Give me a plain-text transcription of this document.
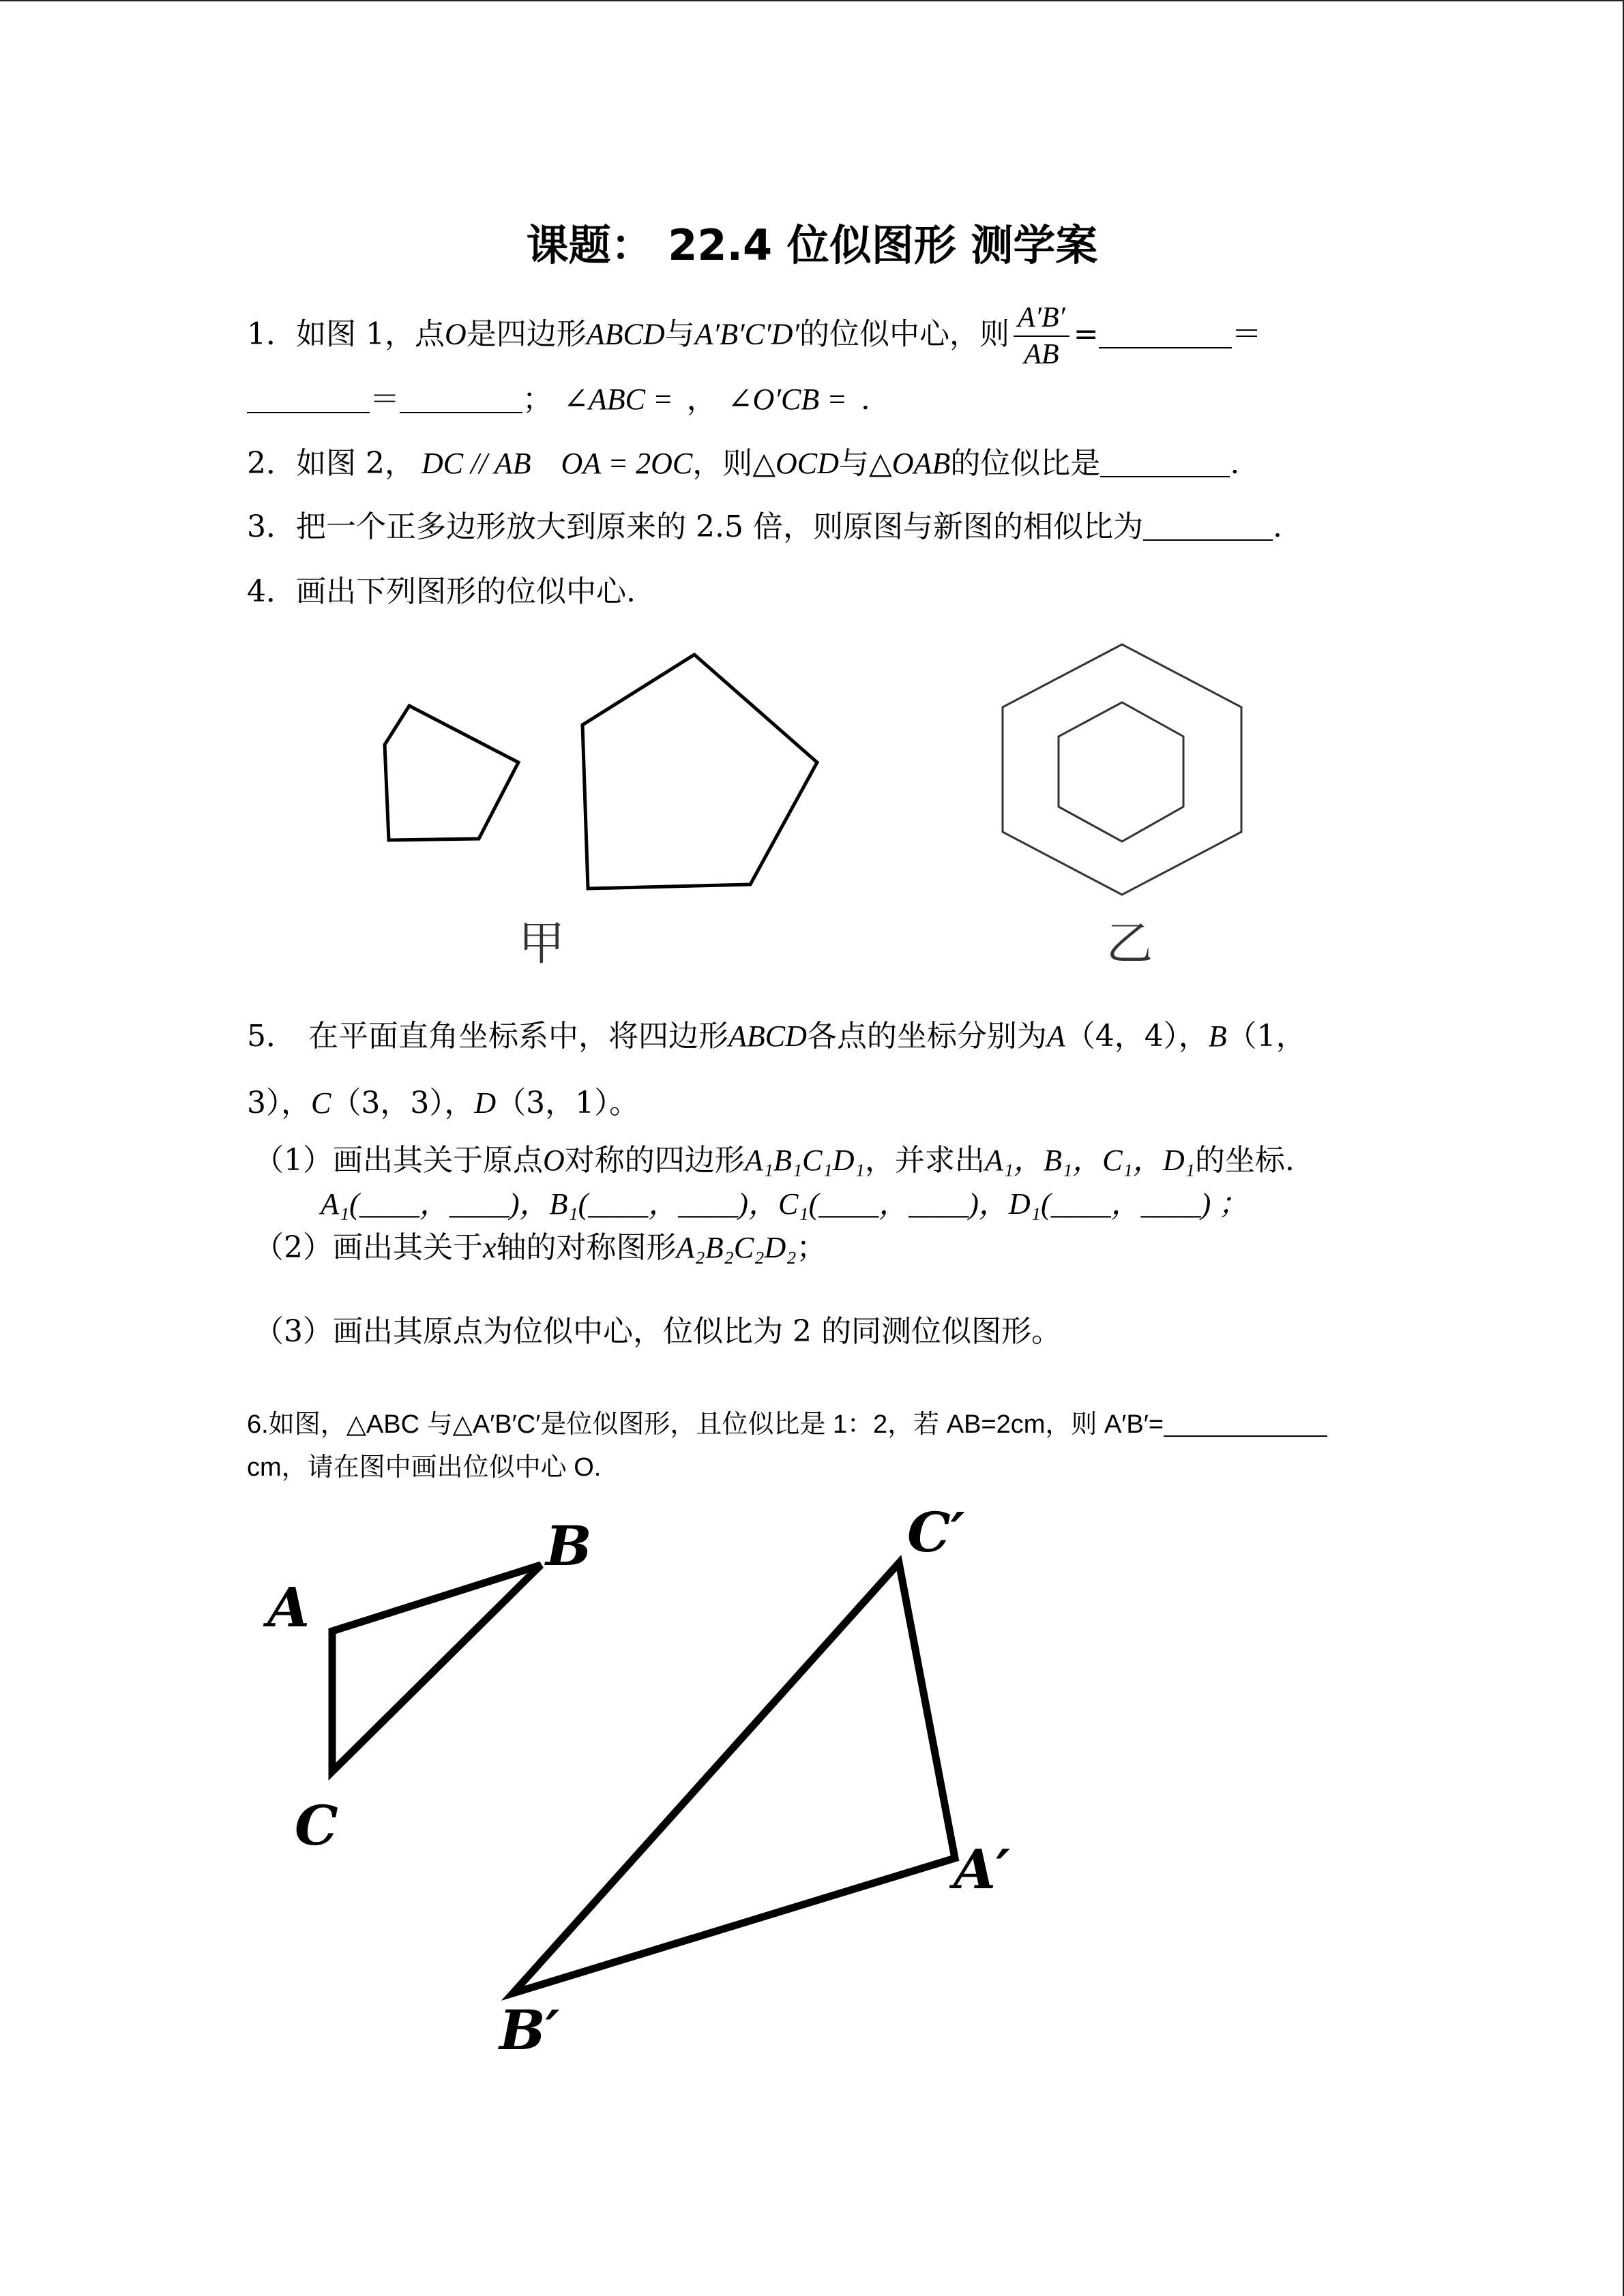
课题： 22.4 位似图形 测学案
1．如图 1，点O是四边形ABCD与A′B′C′D′的位似中心，则 $\frac{A'B'}{AB}$ =	＝
＝	； ∠ABC = ， ∠O′CB = .
2．如图 2， DC // AB　OA = 2OC，则△OCD与△OAB的位似比是	.
3．把一个正多边形放大到原来的 2.5 倍，则原图与新图的相似比为	.
4．画出下列图形的位似中心.
甲	乙
5． 在平面直角坐标系中，将四边形ABCD各点的坐标分别为A（4，4），B（1，
3），C（3，3），D（3，1）。
（1）画出其关于原点O对称的四边形A₁B₁C₁D₁，并求出A₁，B₁，C₁，D₁的坐标.
A₁(____，____)，B₁(____，____)，C₁(____，____)，D₁(____，____) ；
（2）画出其关于x轴的对称图形A₂B₂C₂D₂；
（3）画出其原点为位似中心，位似比为 2 的同测位似图形。
6.如图，△ABC 与△A′B′C′是位似图形，且位似比是 1：2，若 AB=2cm，则 A′B′=
cm，请在图中画出位似中心 O.
A
B
C
C′
A′
B′
